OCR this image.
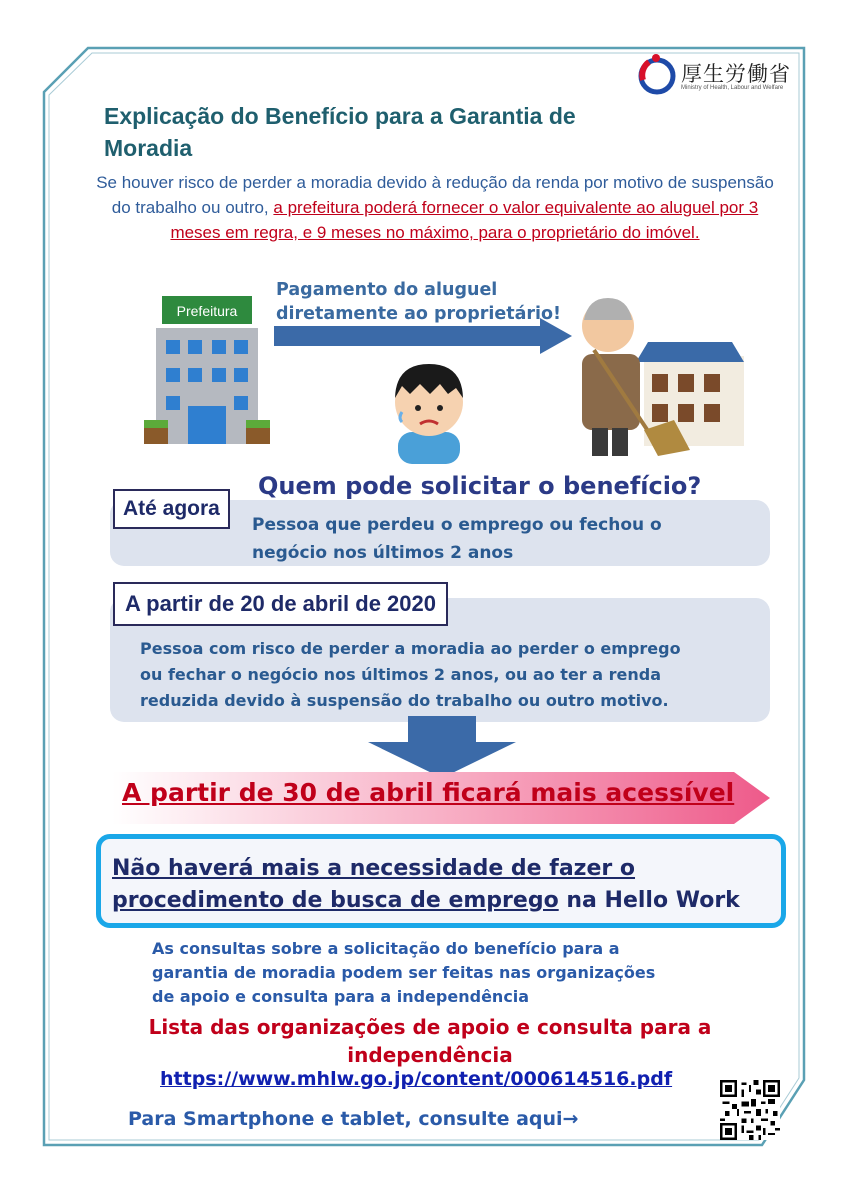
厚生労働省
Ministry of Health, Labour and Welfare
Explicação do Benefício para a Garantia de
Moradia
Se houver risco de perder a moradia devido à redução da renda por motivo de suspensão do trabalho ou outro, a prefeitura poderá fornecer o valor equivalente ao aluguel por 3 meses em regra, e 9 meses no máximo, para o proprietário do imóvel.
Prefeitura
Pagamento do aluguel
diretamente ao proprietário!
Quem pode solicitar o benefício?
Até agora
Pessoa que perdeu o emprego ou fechou o
negócio nos últimos 2 anos
A partir de 20 de abril de 2020
Pessoa com risco de perder a moradia ao perder o emprego
ou fechar o negócio nos últimos 2 anos, ou ao ter a renda
reduzida devido à suspensão do trabalho ou outro motivo.
A partir de 30 de abril ficará mais acessível
Não haverá mais a necessidade de fazer o
procedimento de busca de emprego na Hello Work
As consultas sobre a solicitação do benefício para a
garantia de moradia podem ser feitas nas organizações
de apoio e consulta para a independência
Lista das organizações de apoio e consulta para a
independência
https://www.mhlw.go.jp/content/000614516.pdf
Para Smartphone e tablet, consulte aqui→
